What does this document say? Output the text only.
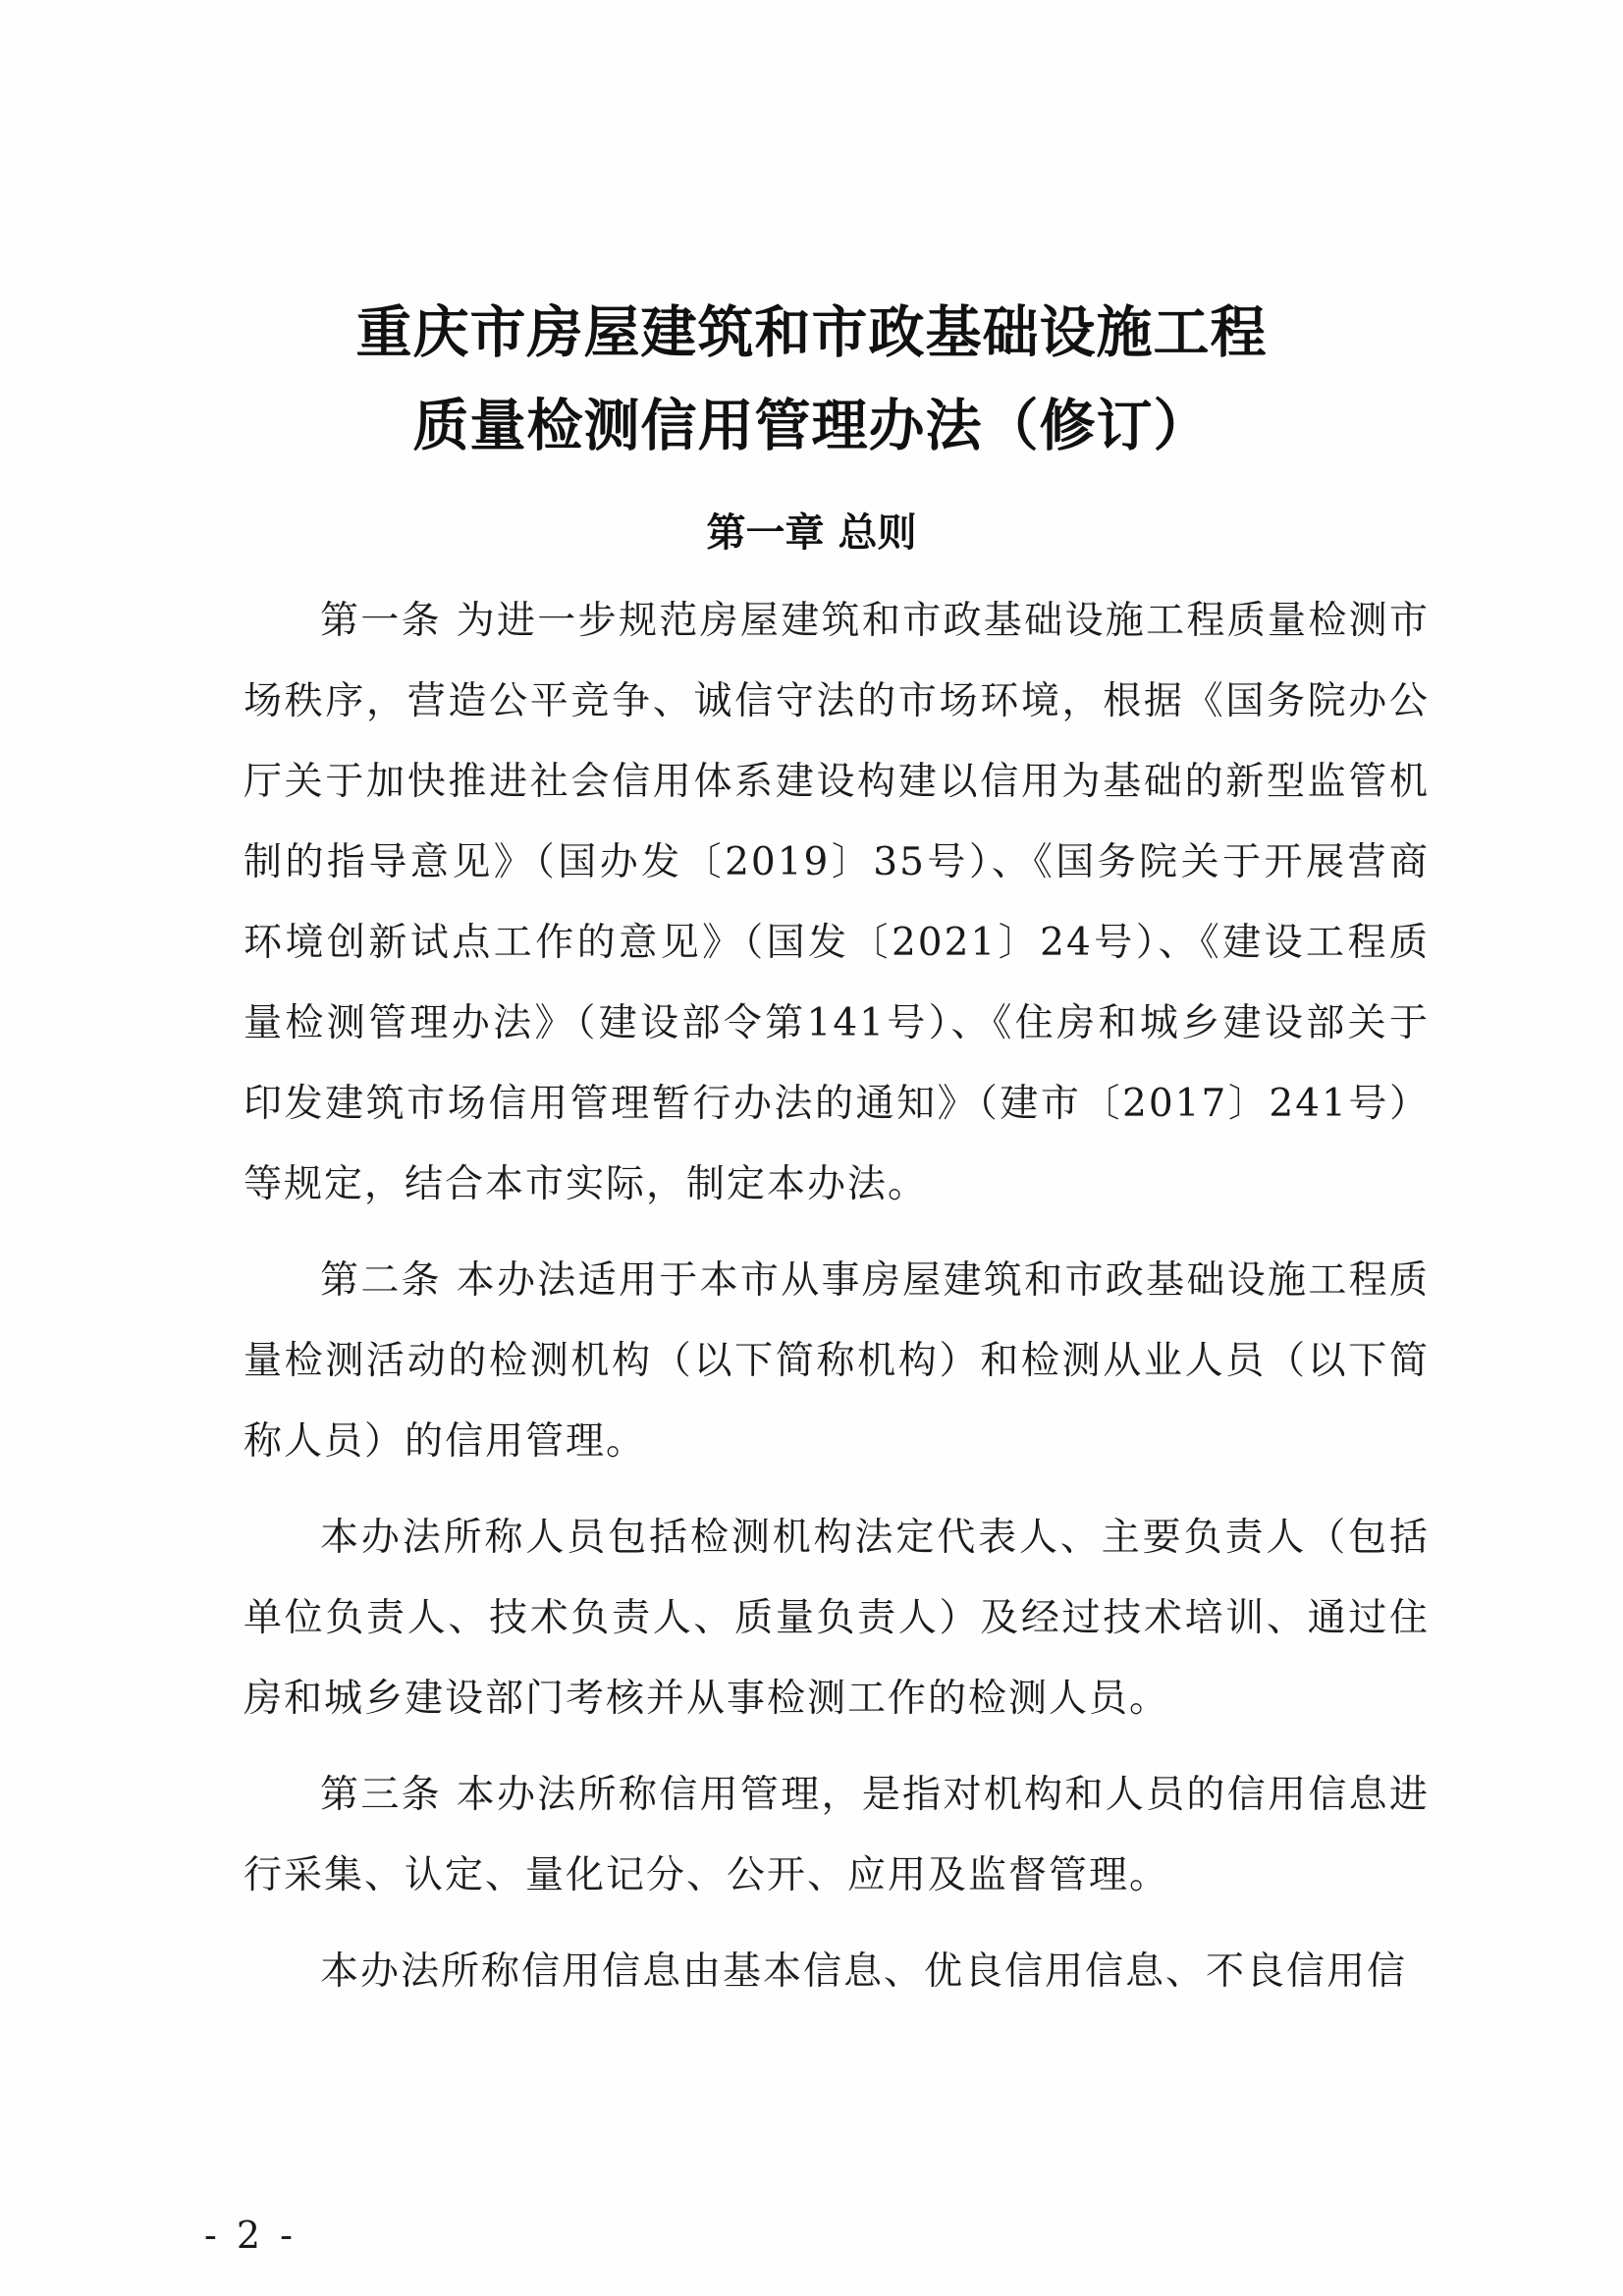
重庆市房屋建筑和市政基础设施工程
质量检测信用管理办法（修订）
第一章 总则

第一条 为进一步规范房屋建筑和市政基础设施工程质量检测市场秩序，营造公平竞争、诚信守法的市场环境，根据《国务院办公厅关于加快推进社会信用体系建设构建以信用为基础的新型监管机制的指导意见》（国办发〔2019〕35号）、《国务院关于开展营商环境创新试点工作的意见》（国发〔2021〕24号）、《建设工程质量检测管理办法》（建设部令第141号）、《住房和城乡建设部关于印发建筑市场信用管理暂行办法的通知》（建市〔2017〕241号）等规定，结合本市实际，制定本办法。

第二条 本办法适用于本市从事房屋建筑和市政基础设施工程质量检测活动的检测机构（以下简称机构）和检测从业人员（以下简称人员）的信用管理。

本办法所称人员包括检测机构法定代表人、主要负责人（包括单位负责人、技术负责人、质量负责人）及经过技术培训、通过住房和城乡建设部门考核并从事检测工作的检测人员。

第三条 本办法所称信用管理，是指对机构和人员的信用信息进行采集、认定、量化记分、公开、应用及监督管理。

本办法所称信用信息由基本信息、优良信用信息、不良信用信

- 2 -
